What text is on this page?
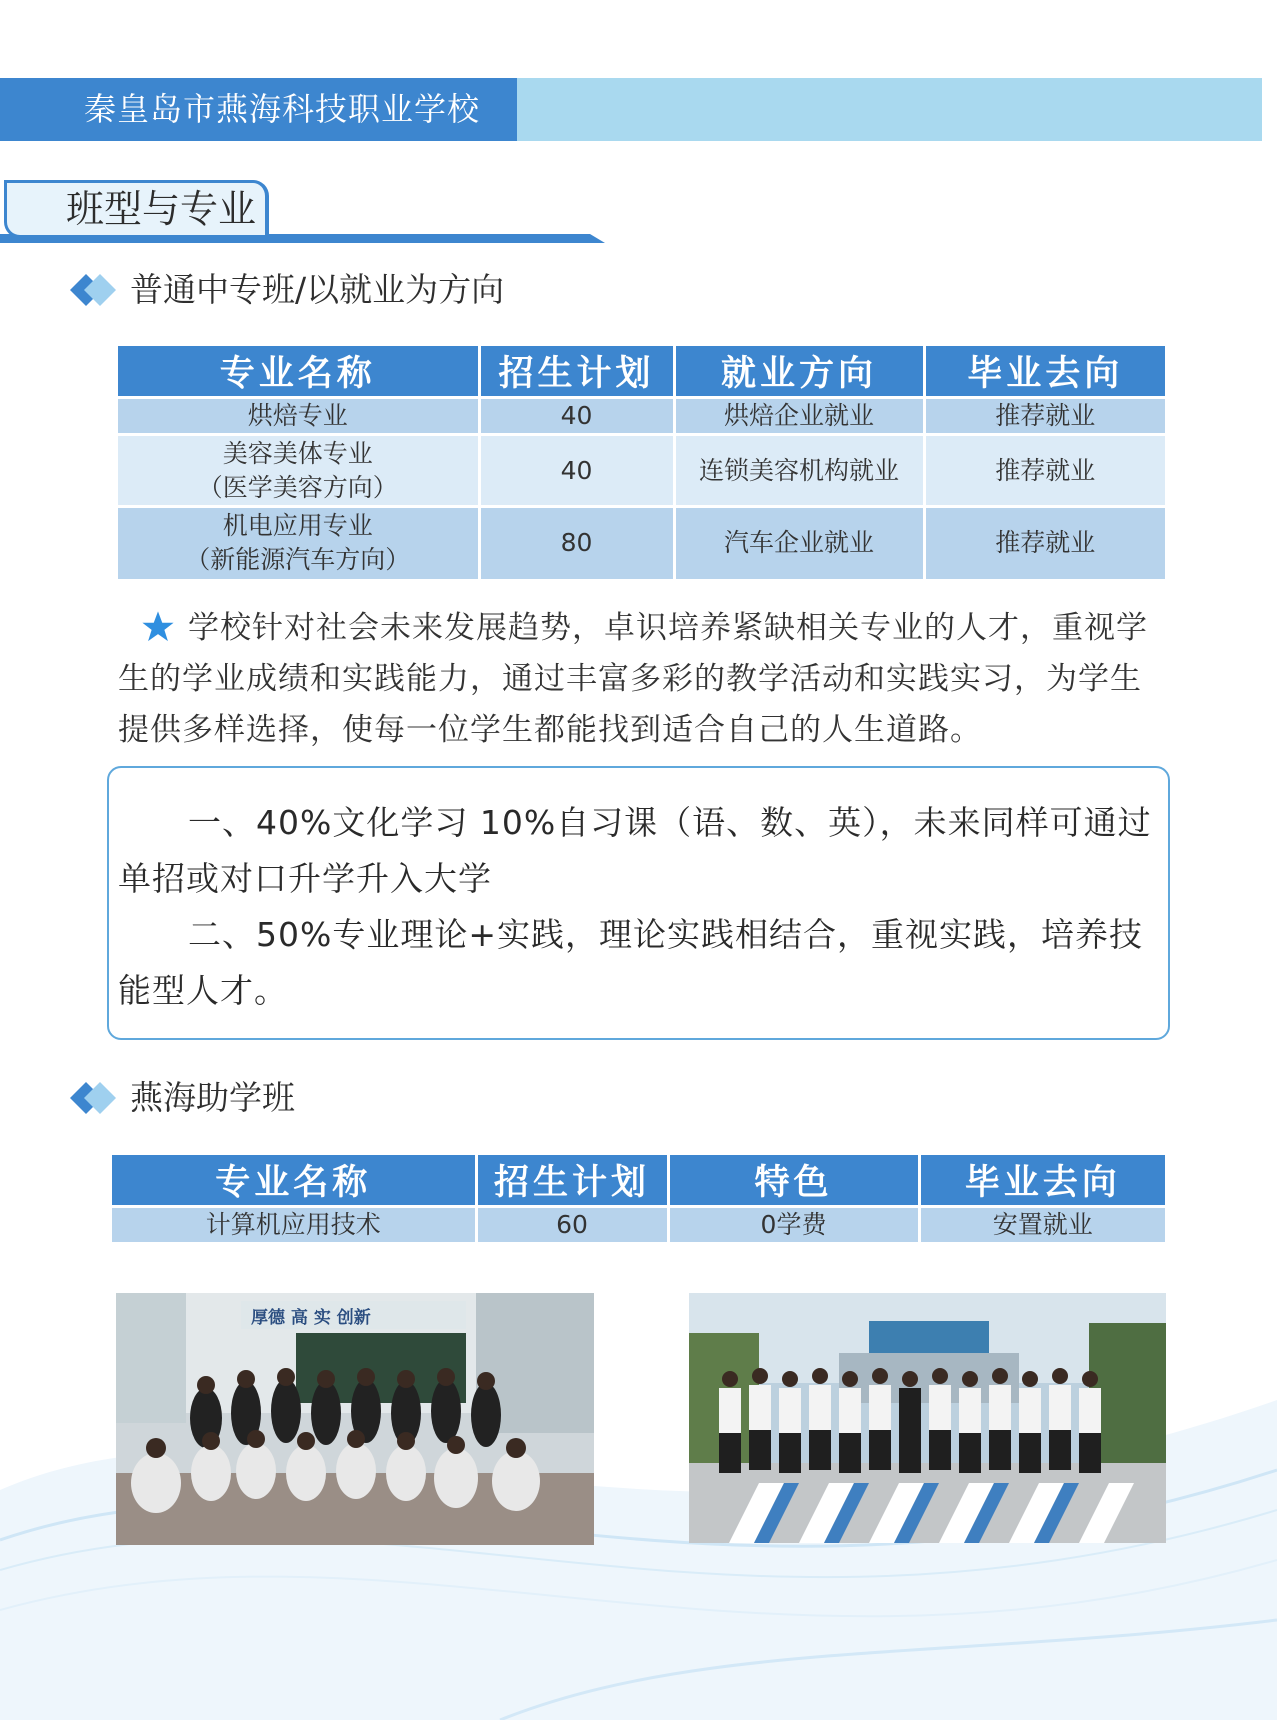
秦皇岛市燕海科技职业学校
班型与专业
普通中专班/以就业为方向
专业名称	招生计划	就业方向	毕业去向
烘焙专业	40	烘焙企业就业	推荐就业

美容美体专业
（医学美容方向）	40	连锁美容机构就业	推荐就业

机电应用专业
（新能源汽车方向）	80	汽车企业就业	推荐就业
学校针对社会未来发展趋势，卓识培养紧缺相关专业的人才，重视学生的学业成绩和实践能力，通过丰富多彩的教学活动和实践实习，为学生提供多样选择，使每一位学生都能找到适合自己的人生道路。

一、40%文化学习 10%自习课（语、数、英），未来同样可通过单招或对口升学升入大学

二、50%专业理论+实践，理论实践相结合，重视实践，培养技能型人才。

燕海助学班
专业名称	招生计划	特色	毕业去向
计算机应用技术	60	0学费	安置就业
厚德 高 实 创新
